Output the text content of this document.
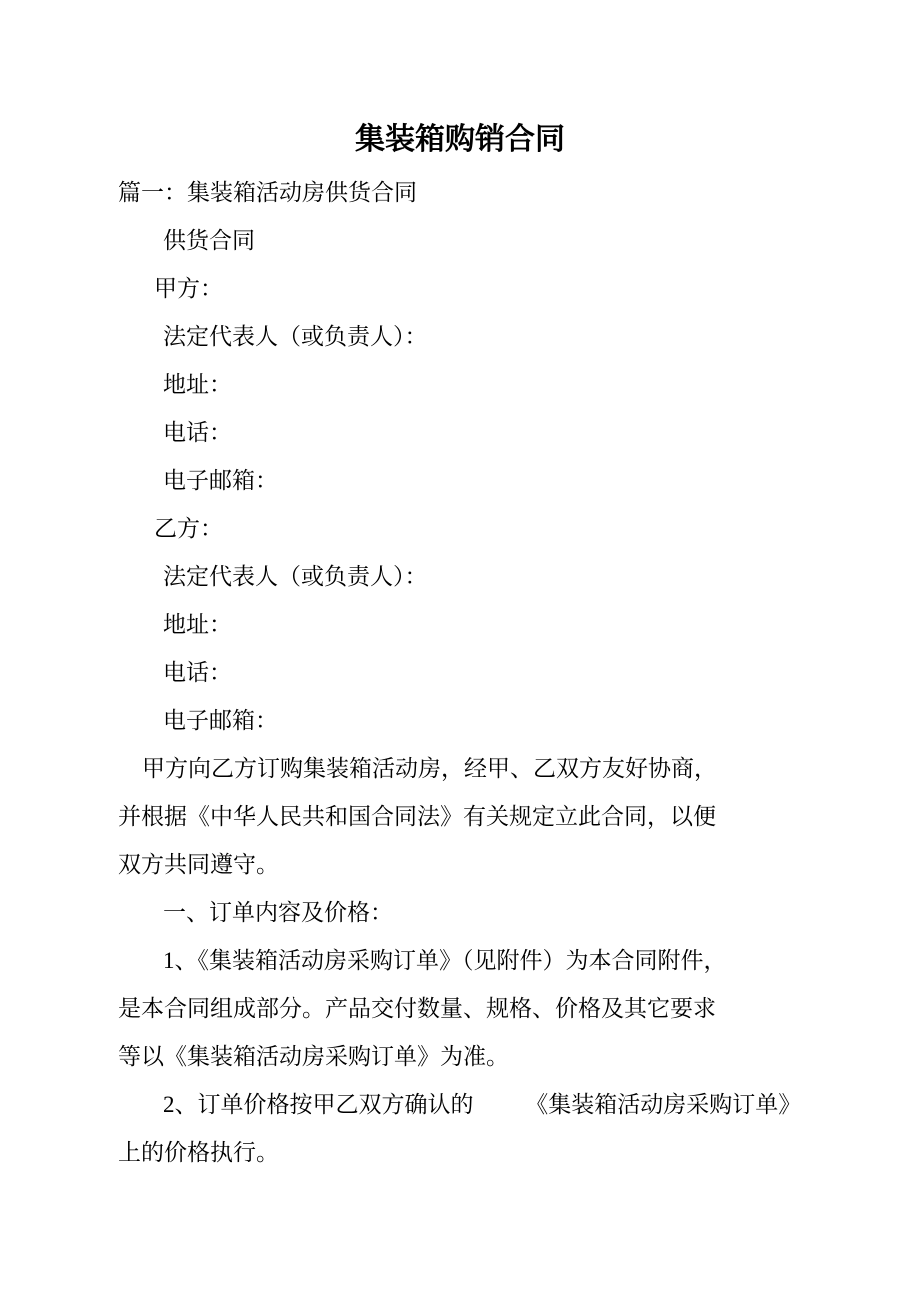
集装箱购销合同
篇一：集装箱活动房供货合同
供货合同
甲方：
法定代表人（或负责人）：
地址：
电话：
电子邮箱：
乙方：
法定代表人（或负责人）：
地址：
电话：
电子邮箱：
甲方向乙方订购集装箱活动房，经甲、乙双方友好协商，
并根据《中华人民共和国合同法》有关规定立此合同，以便
双方共同遵守。
一、订单内容及价格：
1、《集装箱活动房采购订单》（见附件）为本合同附件，
是本合同组成部分。产品交付数量、规格、价格及其它要求
等以《集装箱活动房采购订单》为准。
2、订单价格按甲乙双方确认的　　 《集装箱活动房采购订单》
上的价格执行。
